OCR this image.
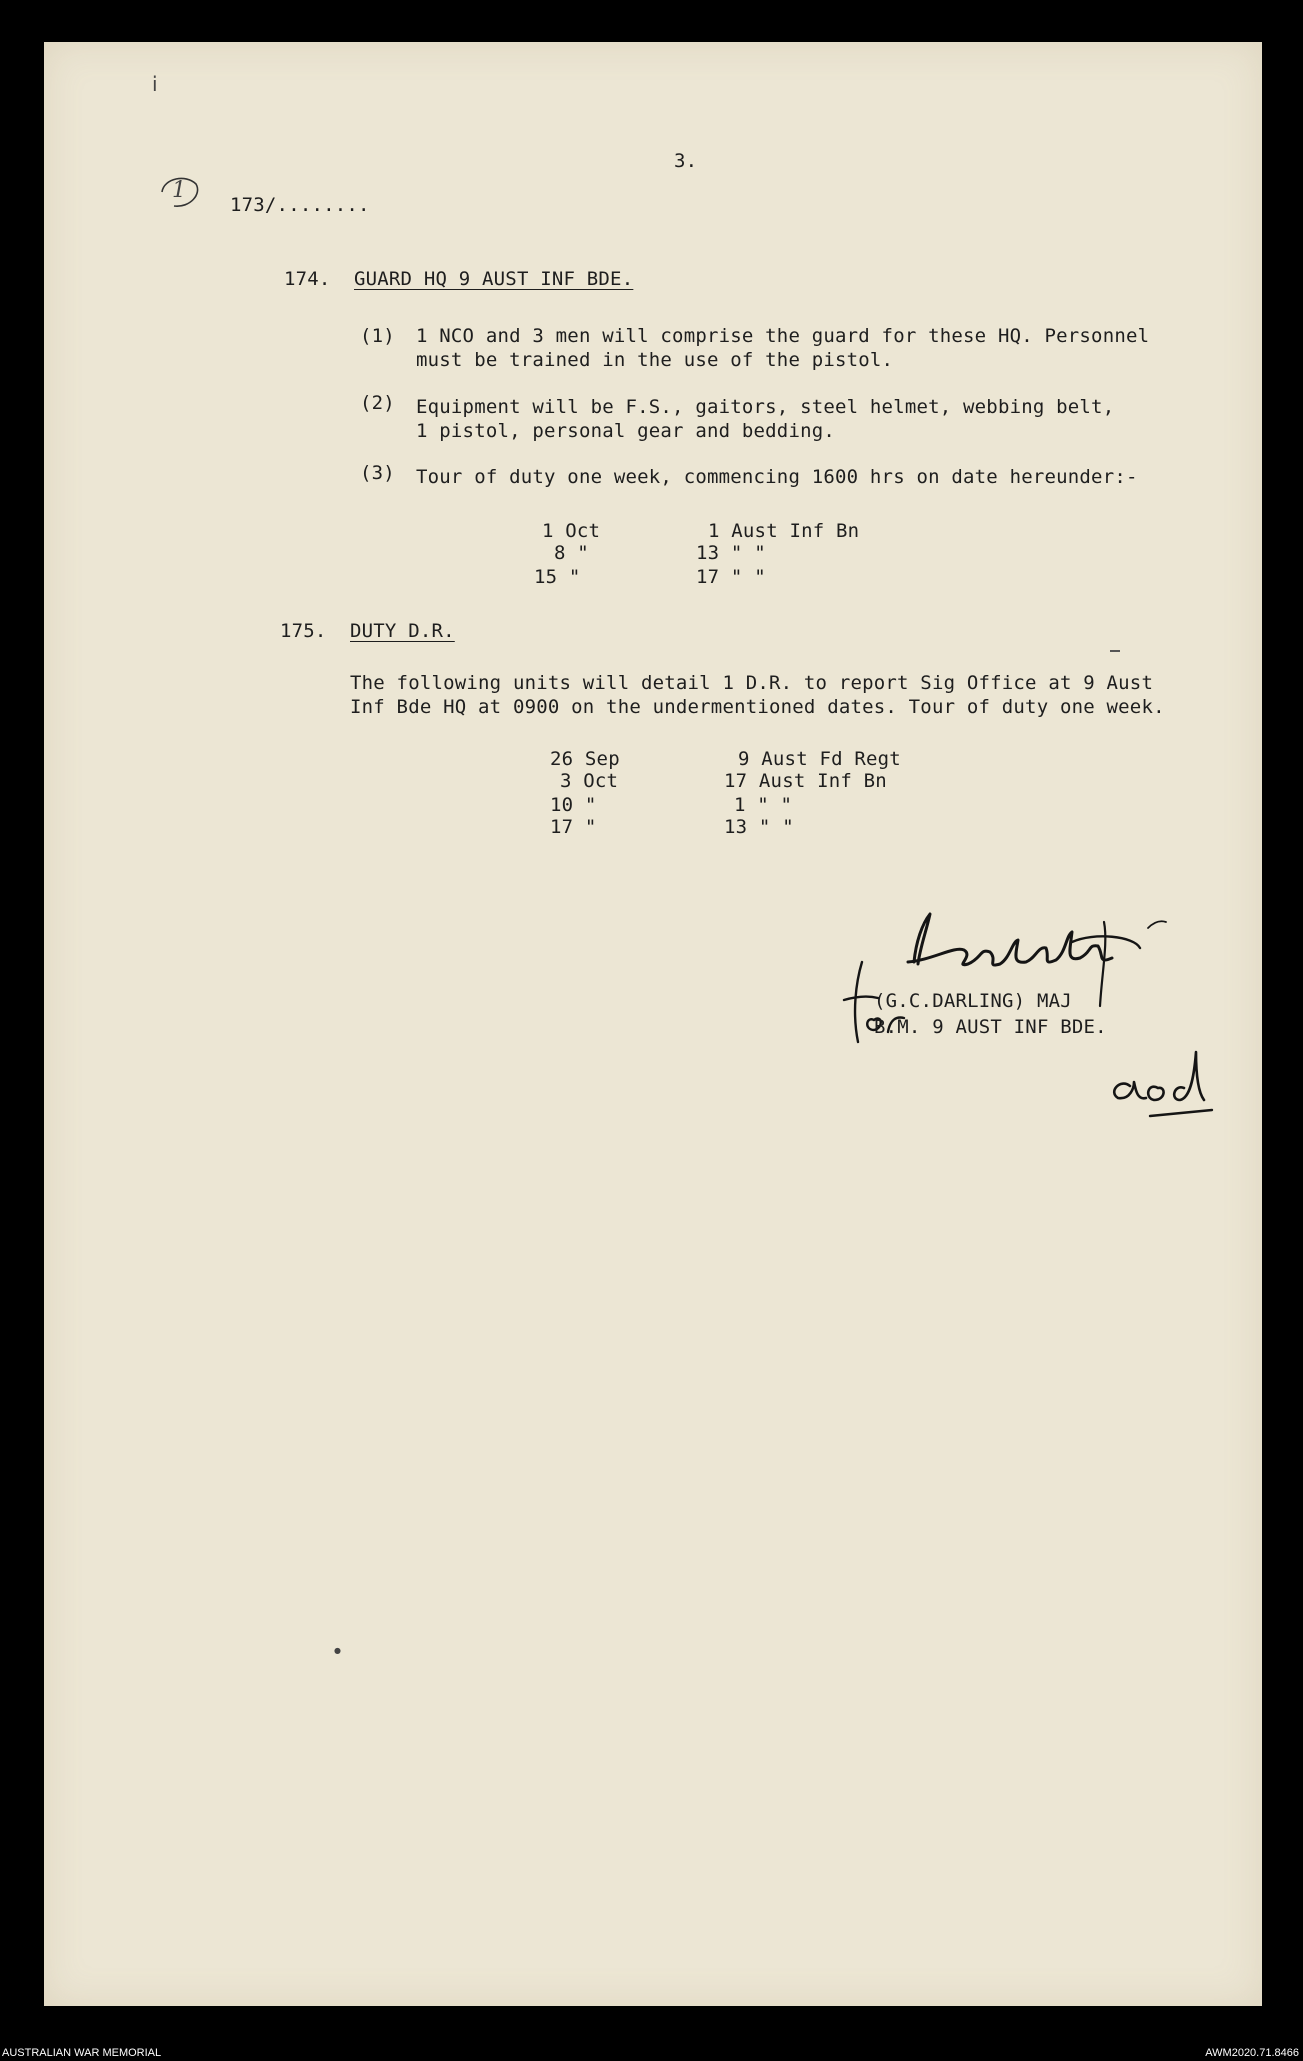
ⅰ
3.
1
173/........
174. GUARD HQ 9 AUST INF BDE.
(1) 1 NCO and 3 men will comprise the guard for these HQ. Personnel
must be trained in the use of the pistol.
(2) Equipment will be F.S., gaitors, steel helmet, webbing belt,
1 pistol, personal gear and bedding.
(3) Tour of duty one week, commencing 1600 hrs on date hereunder:-
1 Oct	1 Aust Inf Bn
8 "	13 " "
15 "	17 " "
175. DUTY D.R.
The following units will detail 1 D.R. to report Sig Office at 9 Aust
Inf Bde HQ at 0900 on the undermentioned dates. Tour of duty one week.
26 Sep	9 Aust Fd Regt
3 Oct	17 Aust Inf Bn
10 "	1 " "
17 "	13 " "
(G.C.DARLING) MAJ
B.M. 9 AUST INF BDE.
●
AUSTRALIAN WAR MEMORIAL	AWM2020.71.8466
